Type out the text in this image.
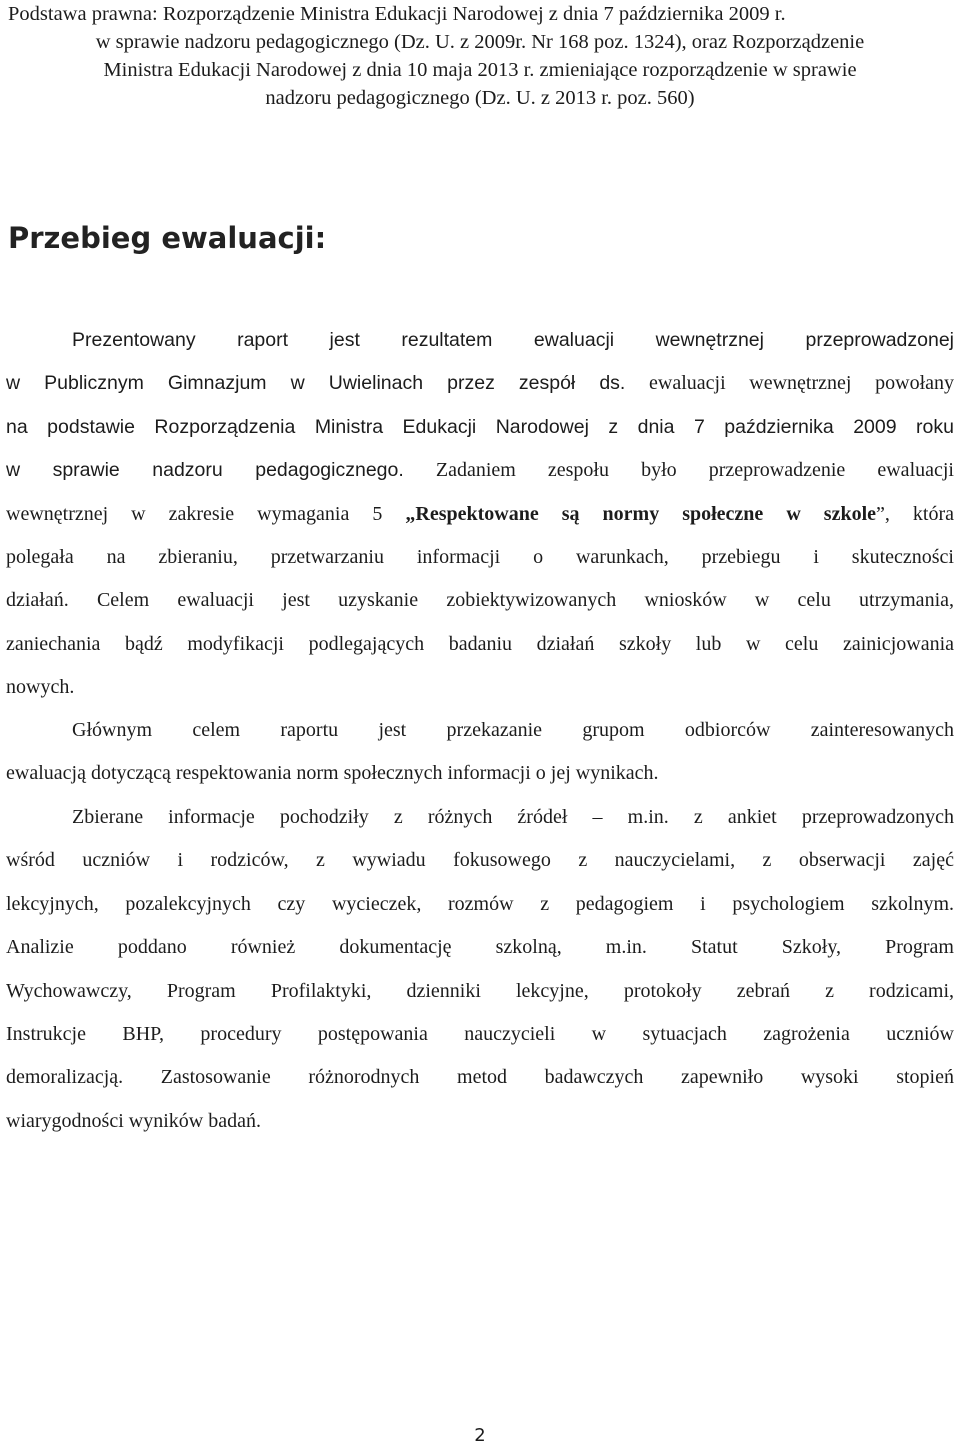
Podstawa prawna: Rozporządzenie Ministra Edukacji Narodowej z dnia 7 października 2009 r.
w sprawie nadzoru pedagogicznego (Dz. U. z 2009r. Nr 168 poz. 1324), oraz Rozporządzenie
Ministra Edukacji Narodowej z dnia 10 maja 2013 r. zmieniające rozporządzenie w sprawie
nadzoru pedagogicznego (Dz. U. z 2013 r. poz. 560)
Przebieg ewaluacji:
Prezentowany raport jest rezultatem ewaluacji wewnętrznej przeprowadzonej
w Publicznym Gimnazjum w Uwielinach przez zespół ds. ewaluacji wewnętrznej powołany
na podstawie Rozporządzenia Ministra Edukacji Narodowej z dnia 7 października 2009 roku
w sprawie nadzoru pedagogicznego. Zadaniem zespołu było przeprowadzenie ewaluacji
wewnętrznej w zakresie wymagania 5 „Respektowane są normy społeczne w szkole”, która
polegała na zbieraniu, przetwarzaniu informacji o warunkach, przebiegu i skuteczności
działań. Celem ewaluacji jest uzyskanie zobiektywizowanych wniosków w celu utrzymania,
zaniechania bądź modyfikacji podlegających badaniu działań szkoły lub w celu zainicjowania
nowych.
Głównym celem raportu jest przekazanie grupom odbiorców zainteresowanych
ewaluacją dotyczącą respektowania norm społecznych informacji o jej wynikach.
Zbierane informacje pochodziły z różnych źródeł – m.in. z ankiet przeprowadzonych
wśród uczniów i rodziców, z wywiadu fokusowego z nauczycielami, z obserwacji zajęć
lekcyjnych, pozalekcyjnych czy wycieczek, rozmów z pedagogiem i psychologiem szkolnym.
Analizie poddano również dokumentację szkolną, m.in. Statut Szkoły, Program
Wychowawczy, Program Profilaktyki, dzienniki lekcyjne, protokoły zebrań z rodzicami,
Instrukcje BHP, procedury postępowania nauczycieli w sytuacjach zagrożenia uczniów
demoralizacją. Zastosowanie różnorodnych metod badawczych zapewniło wysoki stopień
wiarygodności wyników badań.
2
